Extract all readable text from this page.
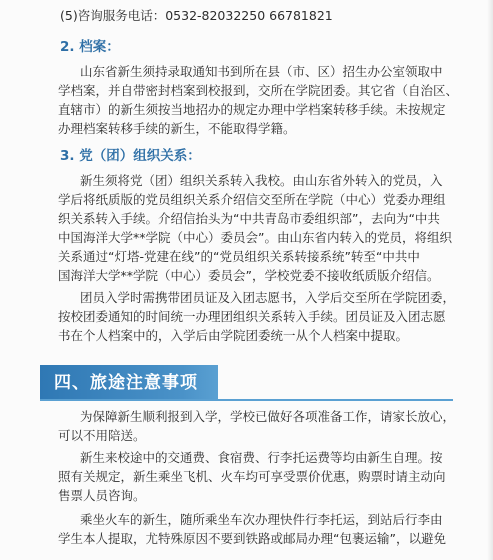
(5)咨询服务电话：0532-82032250 66781821
2. 档案：
山东省新生须持录取通知书到所在县（市、区）招生办公室领取中
学档案，并自带密封档案到校报到，交所在学院团委。其它省（自治区、
直辖市）的新生须按当地招办的规定办理中学档案转移手续。未按规定
办理档案转移手续的新生，不能取得学籍。
3. 党（团）组织关系：
新生须将党（团）组织关系转入我校。由山东省外转入的党员，入
学后将纸质版的党员组织关系介绍信交至所在学院（中心）党委办理组
织关系转入手续。介绍信抬头为“中共青岛市委组织部”，去向为“中共
中国海洋大学**学院（中心）委员会”。由山东省内转入的党员，将组织
关系通过“灯塔-党建在线”的“党员组织关系转接系统”转至“中共中
国海洋大学**学院（中心）委员会”，学校党委不接收纸质版介绍信。
团员入学时需携带团员证及入团志愿书，入学后交至所在学院团委，
按校团委通知的时间统一办理团组织关系转入手续。团员证及入团志愿
书在个人档案中的，入学后由学院团委统一从个人档案中提取。
四、旅途注意事项
为保障新生顺利报到入学，学校已做好各项准备工作，请家长放心，
可以不用陪送。
新生来校途中的交通费、食宿费、行李托运费等均由新生自理。按
照有关规定，新生乘坐飞机、火车均可享受票价优惠，购票时请主动向
售票人员咨询。
乘坐火车的新生，随所乘坐车次办理快件行李托运，到站后行李由
学生本人提取，尤特殊原因不要到铁路或邮局办理“包裹运输”，以避免
